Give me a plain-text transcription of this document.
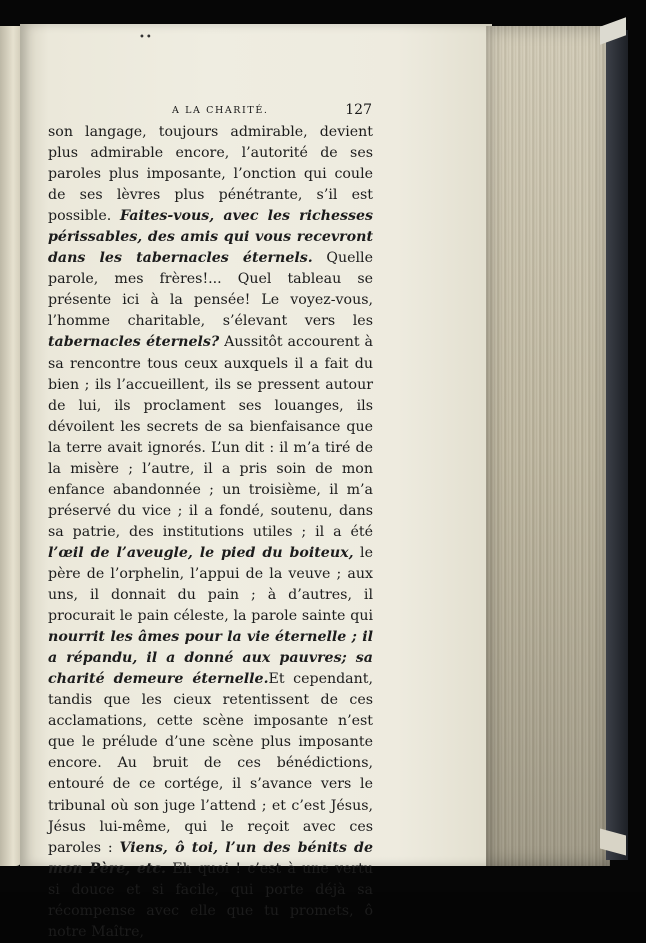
••
A LA CHARITÉ.	127

son langage, toujours admirable, devient plus admirable encore, l’autorité de ses paroles plus imposante, l’onction qui coule de ses lèvres plus pénétrante, s’il est possible. Faites-vous, avec les richesses périssables, des amis qui vous recevront dans les tabernacles éternels. Quelle parole, mes frères!... Quel tableau se présente ici à la pensée! Le voyez-vous, l’homme charitable, s’élevant vers les tabernacles éternels? Aussitôt accourent à sa rencontre tous ceux auxquels il a fait du bien ; ils l’accueillent, ils se pressent autour de lui, ils proclament ses louanges, ils dévoilent les secrets de sa bienfaisance que la terre avait ignorés. L’un dit : il m’a tiré de la misère ; l’autre, il a pris soin de mon enfance abandonnée ; un troisième, il m’a préservé du vice ; il a fondé, soutenu, dans sa patrie, des institutions utiles ; il a été l’œil de l’aveugle, le pied du boiteux, le père de l’orphelin, l’appui de la veuve ; aux uns, il donnait du pain ; à d’autres, il procurait le pain céleste, la parole sainte qui nourrit les âmes pour la vie éternelle ; il a répandu, il a donné aux pauvres; sa charité demeure éternelle.Et cependant, tandis que les cieux retentissent de ces acclamations, cette scène imposante n’est que le prélude d’une scène plus imposante encore. Au bruit de ces bénédictions, entouré de ce cortége, il s’avance vers le tribunal où son juge l’attend ; et c’est Jésus, Jésus lui-même, qui le reçoit avec ces paroles : Viens, ô toi, l’un des bénits de mon Père, etc. Eh quoi ! c’est à une vertu si douce et si facile, qui porte déjà sa récompense avec elle que tu promets, ô notre Maître,
